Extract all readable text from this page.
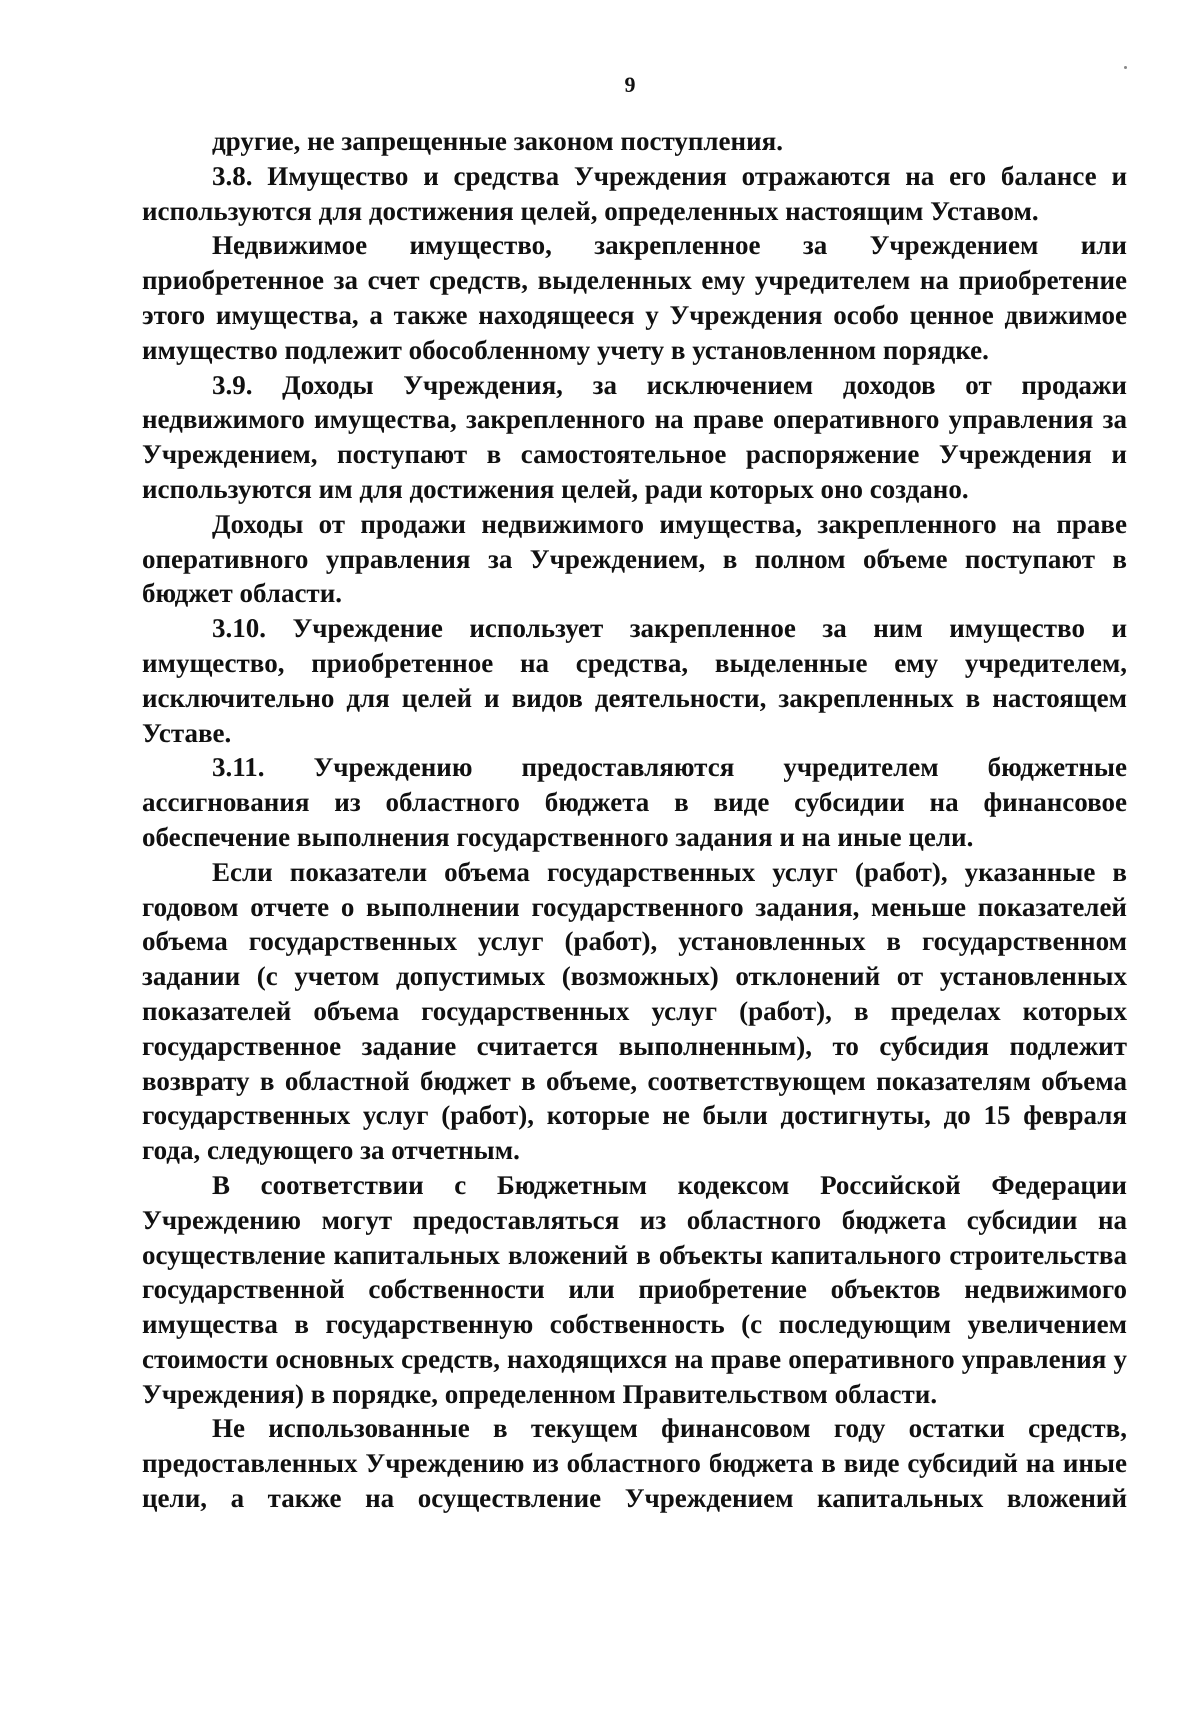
9

другие, не запрещенные законом поступления.

3.8. Имущество и средства Учреждения отражаются на его балансе и используются для достижения целей, определенных настоящим Уставом.

Недвижимое имущество, закрепленное за Учреждением или приобретенное за счет средств, выделенных ему учредителем на приобретение этого имущества, а также находящееся у Учреждения особо ценное движимое имущество подлежит обособленному учету в установленном порядке.

3.9. Доходы Учреждения, за исключением доходов от продажи недвижимого имущества, закрепленного на праве оперативного управления за Учреждением, поступают в самостоятельное распоряжение Учреждения и используются им для достижения целей, ради которых оно создано.

Доходы от продажи недвижимого имущества, закрепленного на праве оперативного управления за Учреждением, в полном объеме поступают в бюджет области.

3.10. Учреждение использует закрепленное за ним имущество и имущество, приобретенное на средства, выделенные ему учредителем, исключительно для целей и видов деятельности, закрепленных в настоящем Уставе.

3.11. Учреждению предоставляются учредителем бюджетные ассигнования из областного бюджета в виде субсидии на финансовое обеспечение выполнения государственного задания и на иные цели.

Если показатели объема государственных услуг (работ), указанные в годовом отчете о выполнении государственного задания, меньше показателей объема государственных услуг (работ), установленных в государственном задании (с учетом допустимых (возможных) отклонений от установленных показателей объема государственных услуг (работ), в пределах которых государственное задание считается выполненным), то субсидия подлежит возврату в областной бюджет в объеме, соответствующем показателям объема государственных услуг (работ), которые не были достигнуты, до 15 февраля года, следующего за отчетным.

В соответствии с Бюджетным кодексом Российской Федерации Учреждению могут предоставляться из областного бюджета субсидии на осуществление капитальных вложений в объекты капитального строительства государственной собственности или приобретение объектов недвижимого имущества в государственную собственность (с последующим увеличением стоимости основных средств, находящихся на праве оперативного управления у Учреждения) в порядке, определенном Правительством области.

Не использованные в текущем финансовом году остатки средств, предоставленных Учреждению из областного бюджета в виде субсидий на иные цели, а также на осуществление Учреждением капитальных вложений
